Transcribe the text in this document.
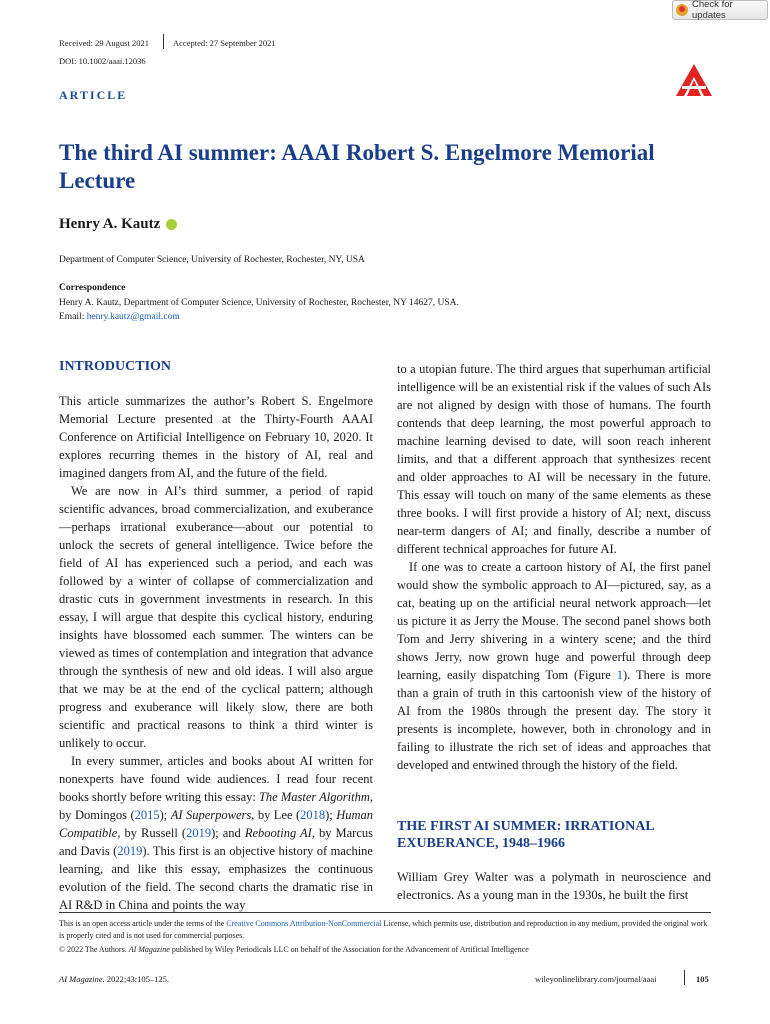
Check for updates
Received: 29 August 2021	Accepted: 27 September 2021
DOI: 10.1002/aaai.12036
ARTICLE
The third AI summer: AAAI Robert S. Engelmore Memorial Lecture
Henry A. Kautz
Department of Computer Science, University of Rochester, Rochester, NY, USA
Correspondence
Henry A. Kautz, Department of Computer Science, University of Rochester, Rochester, NY 14627, USA.
Email: henry.kautz@gmail.com
INTRODUCTION

This article summarizes the author’s Robert S. Engelmore Memorial Lecture presented at the Thirty-Fourth AAAI Conference on Artificial Intelligence on February 10, 2020. It explores recurring themes in the history of AI, real and imagined dangers from AI, and the future of the field.

We are now in AI’s third summer, a period of rapid scientific advances, broad commercialization, and exuberance—perhaps irrational exuberance—about our potential to unlock the secrets of general intelligence. Twice before the field of AI has experienced such a period, and each was followed by a winter of collapse of commercialization and drastic cuts in government investments in research. In this essay, I will argue that despite this cyclical history, enduring insights have blossomed each summer. The winters can be viewed as times of contemplation and integration that advance through the synthesis of new and old ideas. I will also argue that we may be at the end of the cyclical pattern; although progress and exuberance will likely slow, there are both scientific and practical reasons to think a third winter is unlikely to occur.

In every summer, articles and books about AI written for nonexperts have found wide audiences. I read four recent books shortly before writing this essay: The Master Algorithm, by Domingos (2015); AI Superpowers, by Lee (2018); Human Compatible, by Russell (2019); and Rebooting AI, by Marcus and Davis (2019). This first is an objective history of machine learning, and like this essay, emphasizes the continuous evolution of the field. The second charts the dramatic rise in AI R&D in China and points the way

to a utopian future. The third argues that superhuman artificial intelligence will be an existential risk if the values of such AIs are not aligned by design with those of humans. The fourth contends that deep learning, the most powerful approach to machine learning devised to date, will soon reach inherent limits, and that a different approach that synthesizes recent and older approaches to AI will be necessary in the future. This essay will touch on many of the same elements as these three books. I will first provide a history of AI; next, discuss near-term dangers of AI; and finally, describe a number of different technical approaches for future AI.

If one was to create a cartoon history of AI, the first panel would show the symbolic approach to AI—pictured, say, as a cat, beating up on the artificial neural network approach—let us picture it as Jerry the Mouse. The second panel shows both Tom and Jerry shivering in a wintery scene; and the third shows Jerry, now grown huge and powerful through deep learning, easily dispatching Tom (Figure 1). There is more than a grain of truth in this cartoonish view of the history of AI from the 1980s through the present day. The story it presents is incomplete, however, both in chronology and in failing to illustrate the rich set of ideas and approaches that developed and entwined through the history of the field.

THE FIRST AI SUMMER: IRRATIONAL EXUBERANCE, 1948–1966

William Grey Walter was a polymath in neuroscience and electronics. As a young man in the 1930s, he built the first

This is an open access article under the terms of the Creative Commons Attribution-NonCommercial License, which permits use, distribution and reproduction in any medium, provided the original work is properly cited and is not used for commercial purposes.
© 2022 The Authors. AI Magazine published by Wiley Periodicals LLC on behalf of the Association for the Advancement of Artificial Intelligence
AI Magazine. 2022;43:105–125.	wileyonlinelibrary.com/journal/aaai	105
